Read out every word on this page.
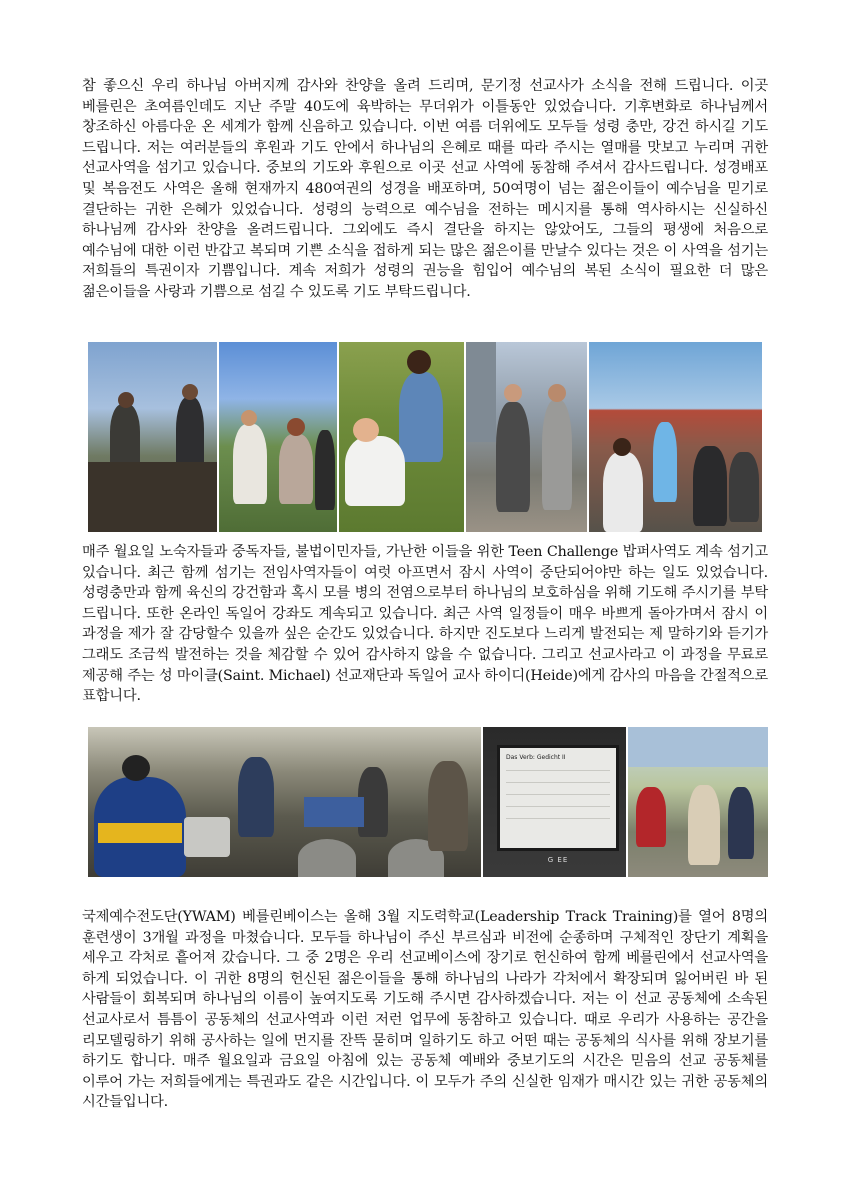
참 좋으신 우리 하나님 아버지께 감사와 찬양을 올려 드리며, 문기정 선교사가 소식을 전해 드립니다. 이곳 베를린은 초여름인데도 지난 주말 40도에 육박하는 무더위가 이틀동안 있었습니다. 기후변화로 하나님께서 창조하신 아름다운 온 세계가 함께 신음하고 있습니다. 이번 여름 더위에도 모두들 성령 충만, 강건 하시길 기도 드립니다. 저는 여러분들의 후원과 기도 안에서 하나님의 은혜로 때를 따라 주시는 열매를 맛보고 누리며 귀한 선교사역을 섬기고 있습니다. 중보의 기도와 후원으로 이곳 선교 사역에 동참해 주셔서 감사드립니다. 성경배포 및 복음전도 사역은 올해 현재까지 480여권의 성경을 배포하며, 50여명이 넘는 젊은이들이 예수님을 믿기로 결단하는 귀한 은혜가 있었습니다. 성령의 능력으로 예수님을 전하는 메시지를 통해 역사하시는 신실하신 하나님께 감사와 찬양을 올려드립니다. 그외에도 즉시 결단을 하지는 않았어도, 그들의 평생에 처음으로 예수님에 대한 이런 반갑고 복되며 기쁜 소식을 접하게 되는 많은 젊은이를 만날수 있다는 것은 이 사역을 섬기는 저희들의 특권이자 기쁨입니다. 계속 저희가 성령의 권능을 힘입어 예수님의 복된 소식이 필요한 더 많은 젊은이들을 사랑과 기쁨으로 섬길 수 있도록 기도 부탁드립니다.

매주 월요일 노숙자들과 중독자들, 불법이민자들, 가난한 이들을 위한 Teen Challenge 밥퍼사역도 계속 섬기고 있습니다. 최근 함께 섬기는 전임사역자들이 여럿 아프면서 잠시 사역이 중단되어야만 하는 일도 있었습니다. 성령충만과 함께 육신의 강건함과 혹시 모를 병의 전염으로부터 하나님의 보호하심을 위해 기도해 주시기를 부탁 드립니다. 또한 온라인 독일어 강좌도 계속되고 있습니다. 최근 사역 일정들이 매우 바쁘게 돌아가며서 잠시 이 과정을 제가 잘 감당할수 있을까 싶은 순간도 있었습니다. 하지만 진도보다 느리게 발전되는 제 말하기와 듣기가 그래도 조금씩 발전하는 것을 체감할 수 있어 감사하지 않을 수 없습니다. 그리고 선교사라고 이 과정을 무료로 제공해 주는 성 마이클(Saint. Michael) 선교재단과 독일어 교사 하이디(Heide)에게 감사의 마음을 간절적으로 표합니다.

Das Verb: Gedicht II
G EE

국제예수전도단(YWAM) 베를린베이스는 올해 3월 지도력학교(Leadership Track Training)를 열어 8명의 훈련생이 3개월 과정을 마쳤습니다. 모두들 하나님이 주신 부르심과 비전에 순종하며 구체적인 장단기 계획을 세우고 각처로 흩어져 갔습니다. 그 중 2명은 우리 선교베이스에 장기로 헌신하여 함께 베를린에서 선교사역을 하게 되었습니다. 이 귀한 8명의 헌신된 젊은이들을 통해 하나님의 나라가 각처에서 확장되며 잃어버린 바 된 사람들이 회복되며 하나님의 이름이 높여지도록 기도해 주시면 감사하겠습니다. 저는 이 선교 공동체에 소속된 선교사로서 틈틈이 공동체의 선교사역과 이런 저런 업무에 동참하고 있습니다. 때로 우리가 사용하는 공간을 리모델링하기 위해 공사하는 일에 먼지를 잔뜩 묻히며 일하기도 하고 어떤 때는 공동체의 식사를 위해 장보기를 하기도 합니다. 매주 월요일과 금요일 아침에 있는 공동체 예배와 중보기도의 시간은 믿음의 선교 공동체를 이루어 가는 저희들에게는 특권과도 같은 시간입니다. 이 모두가 주의 신실한 임재가 매시간 있는 귀한 공동체의 시간들입니다.
